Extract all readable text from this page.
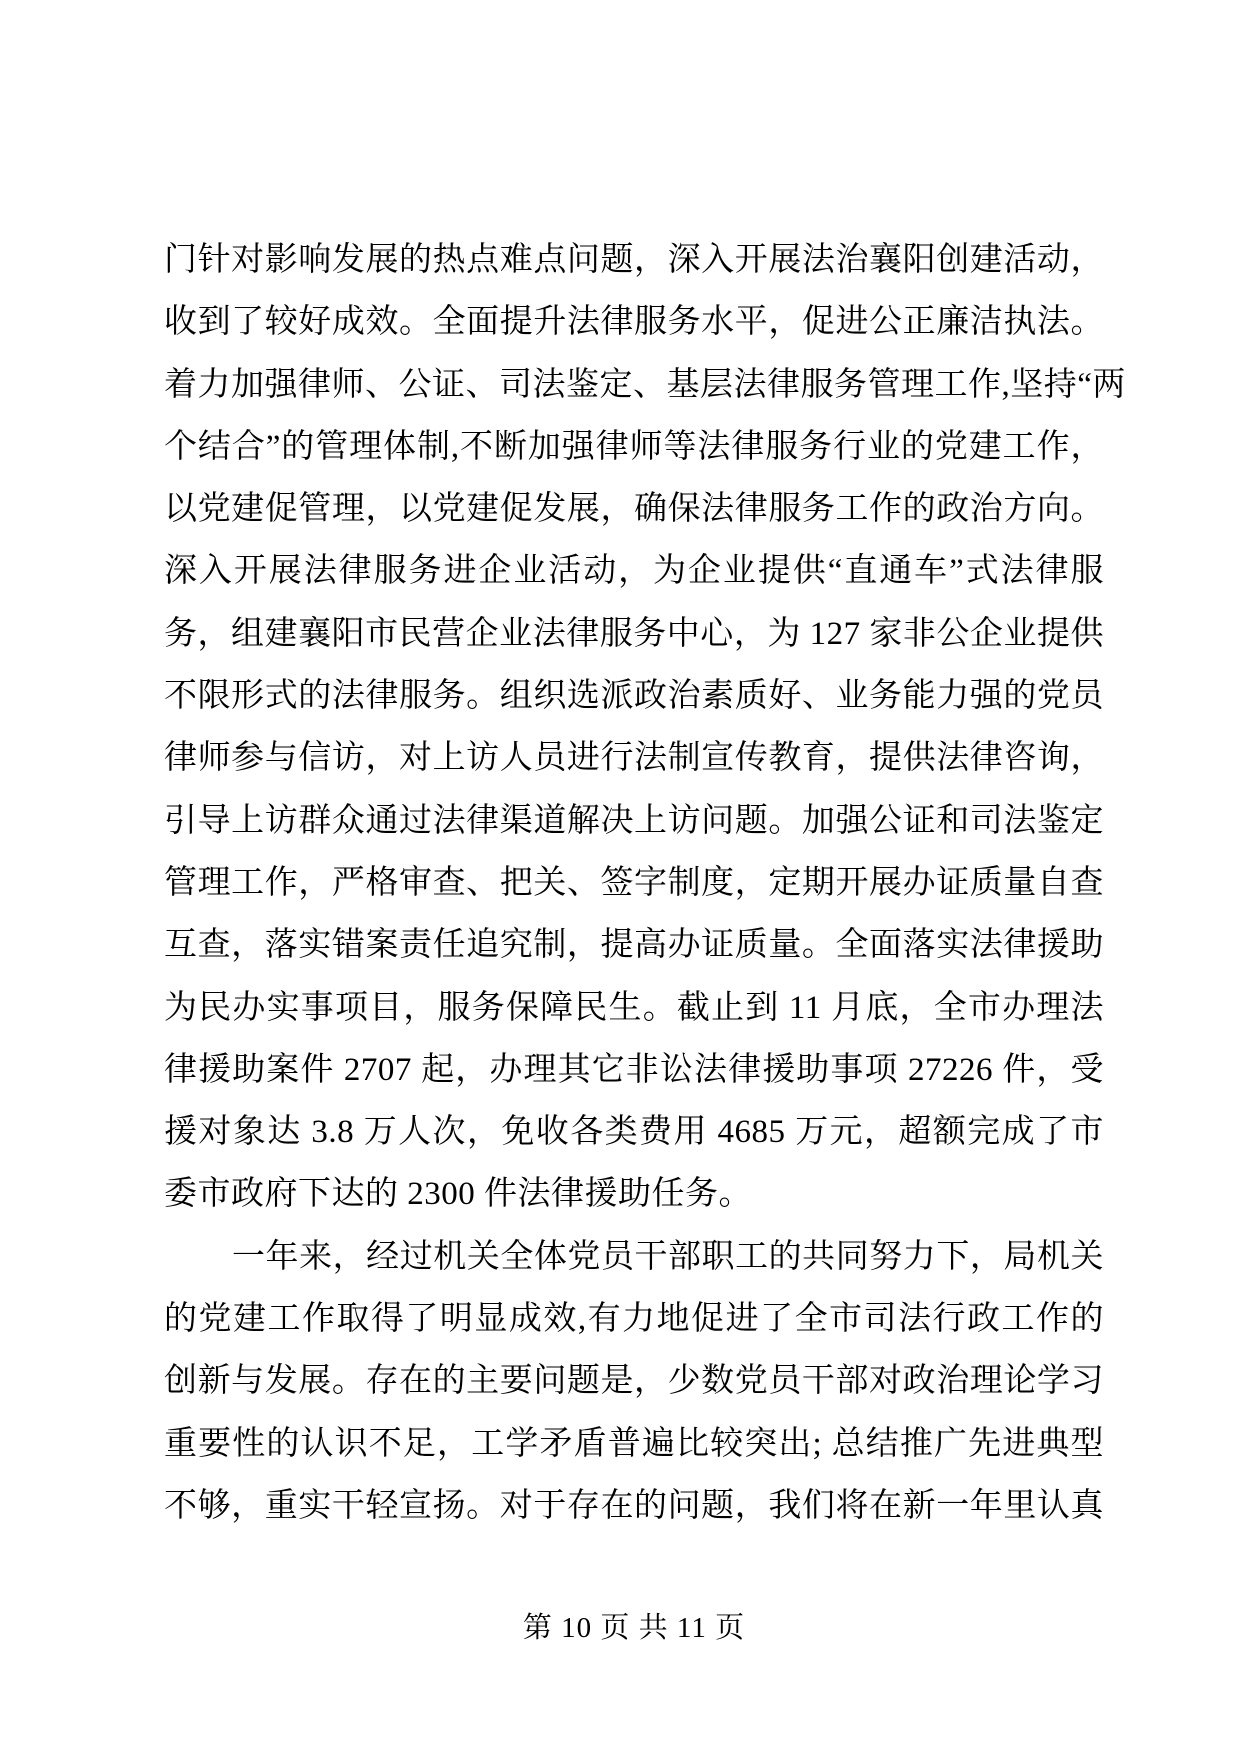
门针对影响发展的热点难点问题，深入开展法治襄阳创建活动，

收到了较好成效。全面提升法律服务水平，促进公正廉洁执法。

着力加强律师、公证、司法鉴定、基层法律服务管理工作,坚持“两

个结合”的管理体制,不断加强律师等法律服务行业的党建工作，

以党建促管理，以党建促发展，确保法律服务工作的政治方向。

深入开展法律服务进企业活动，为企业提供“直通车”式法律服

务，组建襄阳市民营企业法律服务中心，为 127 家非公企业提供

不限形式的法律服务。组织选派政治素质好、业务能力强的党员

律师参与信访，对上访人员进行法制宣传教育，提供法律咨询，

引导上访群众通过法律渠道解决上访问题。加强公证和司法鉴定

管理工作，严格审查、把关、签字制度，定期开展办证质量自查

互查，落实错案责任追究制，提高办证质量。全面落实法律援助

为民办实事项目，服务保障民生。截止到 11 月底，全市办理法

律援助案件 2707 起，办理其它非讼法律援助事项 27226 件，受

援对象达 3.8 万人次，免收各类费用 4685 万元，超额完成了市

委市政府下达的 2300 件法律援助任务。

一年来，经过机关全体党员干部职工的共同努力下，局机关

的党建工作取得了明显成效,有力地促进了全市司法行政工作的

创新与发展。存在的主要问题是，少数党员干部对政治理论学习

重要性的认识不足，工学矛盾普遍比较突出; 总结推广先进典型

不够，重实干轻宣扬。对于存在的问题，我们将在新一年里认真

第 10 页 共 11 页
